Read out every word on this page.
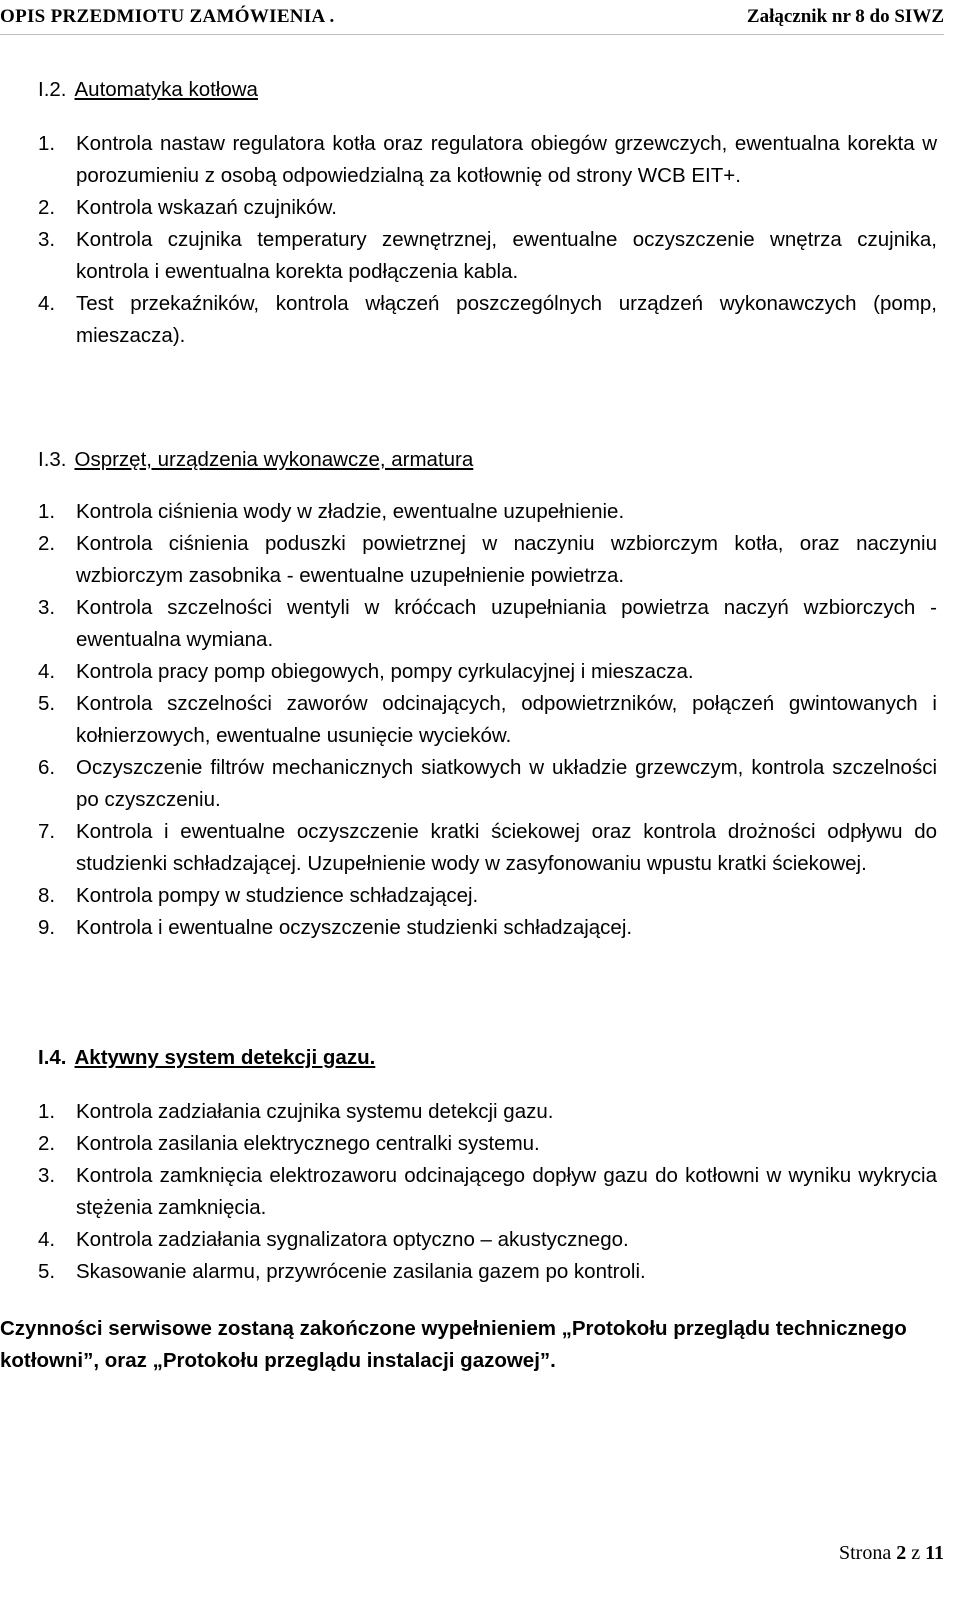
OPIS PRZEDMIOTU ZAMÓWIENIA .	Załącznik nr 8 do SIWZ
I.2. Automatyka kotłowa
1. Kontrola nastaw regulatora kotła oraz regulatora obiegów grzewczych, ewentualna korekta w porozumieniu z osobą odpowiedzialną za kotłownię od strony WCB EIT+.
2. Kontrola wskazań czujników.
3. Kontrola czujnika temperatury zewnętrznej, ewentualne oczyszczenie wnętrza czujnika, kontrola i ewentualna korekta podłączenia kabla.
4. Test przekaźników, kontrola włączeń poszczególnych urządzeń wykonawczych (pomp, mieszacza).
I.3. Osprzęt, urządzenia wykonawcze, armatura
1. Kontrola ciśnienia wody w zładzie, ewentualne uzupełnienie.
2. Kontrola ciśnienia poduszki powietrznej w naczyniu wzbiorczym kotła, oraz naczyniu wzbiorczym zasobnika - ewentualne uzupełnienie powietrza.
3. Kontrola szczelności wentyli w króćcach uzupełniania powietrza naczyń wzbiorczych - ewentualna wymiana.
4. Kontrola pracy pomp obiegowych, pompy cyrkulacyjnej i mieszacza.
5. Kontrola szczelności zaworów odcinających, odpowietrzników, połączeń gwintowanych i kołnierzowych, ewentualne usunięcie wycieków.
6. Oczyszczenie filtrów mechanicznych siatkowych w układzie grzewczym, kontrola szczelności po czyszczeniu.
7. Kontrola i ewentualne oczyszczenie kratki ściekowej oraz kontrola drożności odpływu do studzienki schładzającej. Uzupełnienie wody w zasyfonowaniu wpustu kratki ściekowej.
8. Kontrola pompy w studzience schładzającej.
9. Kontrola i ewentualne oczyszczenie studzienki schładzającej.
I.4. Aktywny system detekcji gazu.
1. Kontrola zadziałania czujnika systemu detekcji gazu.
2. Kontrola zasilania elektrycznego centralki systemu.
3. Kontrola zamknięcia elektrozaworu odcinającego dopływ gazu do kotłowni w wyniku wykrycia stężenia zamknięcia.
4. Kontrola zadziałania sygnalizatora optyczno – akustycznego.
5. Skasowanie alarmu, przywrócenie zasilania gazem po kontroli.
Czynności serwisowe zostaną zakończone wypełnieniem „Protokołu przeglądu technicznego kotłowni”, oraz „Protokołu przeglądu instalacji gazowej”.
Strona 2 z 11
